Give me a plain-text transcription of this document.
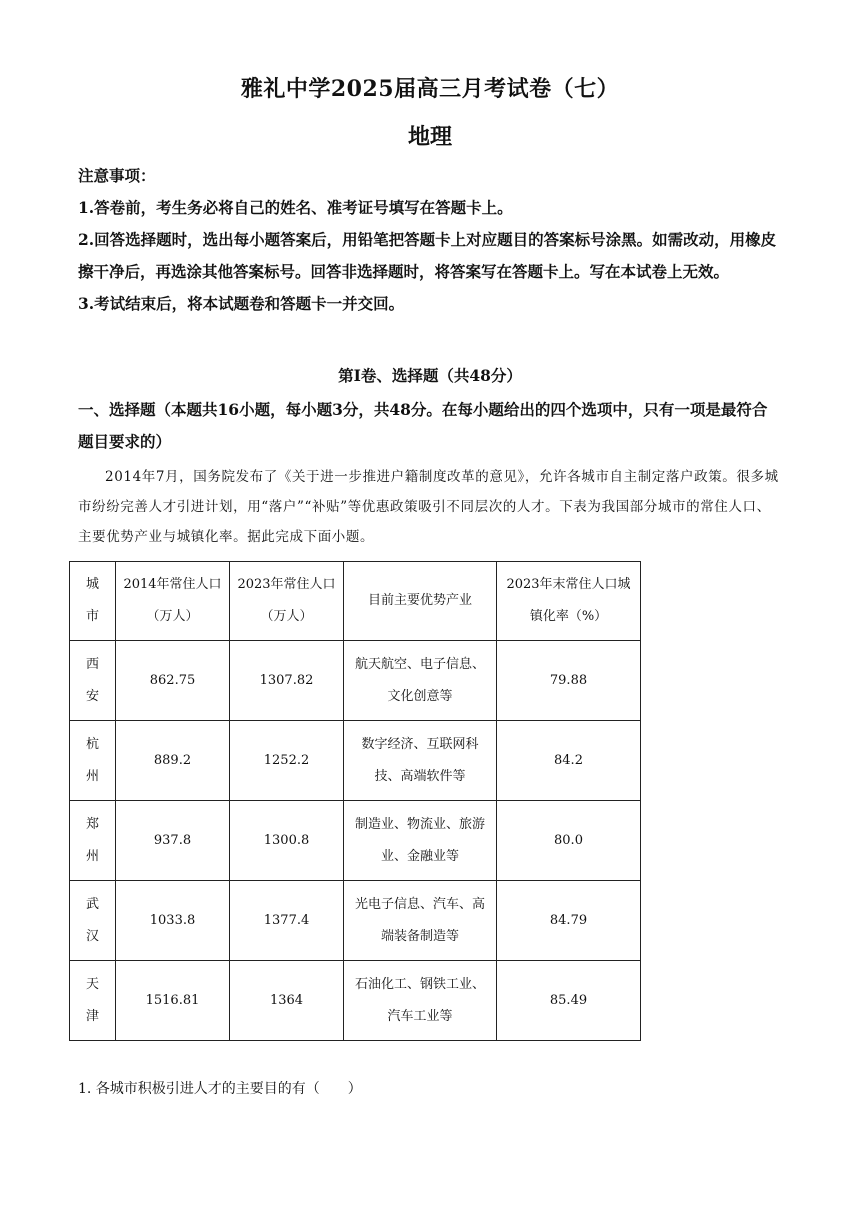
雅礼中学2025届高三月考试卷（七）
地理

注意事项：

1.答卷前，考生务必将自己的姓名、准考证号填写在答题卡上。

2.回答选择题时，选出每小题答案后，用铅笔把答题卡上对应题目的答案标号涂黑。如需改动，用橡皮擦干净后，再选涂其他答案标号。回答非选择题时，将答案写在答题卡上。写在本试卷上无效。

3.考试结束后，将本试题卷和答题卡一并交回。

第Ⅰ卷、选择题（共48分）
一、选择题（本题共16小题，每小题3分，共48分。在每小题给出的四个选项中，只有一项是最符合题目要求的）
2014年7月，国务院发布了《关于进一步推进户籍制度改革的意见》，允许各城市自主制定落户政策。很多城市纷纷完善人才引进计划，用“落户”“补贴”等优惠政策吸引不同层次的人才。下表为我国部分城市的常住人口、主要优势产业与城镇化率。据此完成下面小题。
城市	2014年常住人口（万人）	2023年常住人口（万人）	目前主要优势产业	2023年末常住人口城镇化率（%）
西安	862.75	1307.82	航天航空、电子信息、文化创意等	79.88
杭州	889.2	1252.2	数字经济、互联网科技、高端软件等	84.2
郑州	937.8	1300.8	制造业、物流业、旅游业、金融业等	80.0
武汉	1033.8	1377.4	光电子信息、汽车、高端装备制造等	84.79
天津	1516.81	1364	石油化工、钢铁工业、汽车工业等	85.49
1. 各城市积极引进人才的主要目的有（　　）
